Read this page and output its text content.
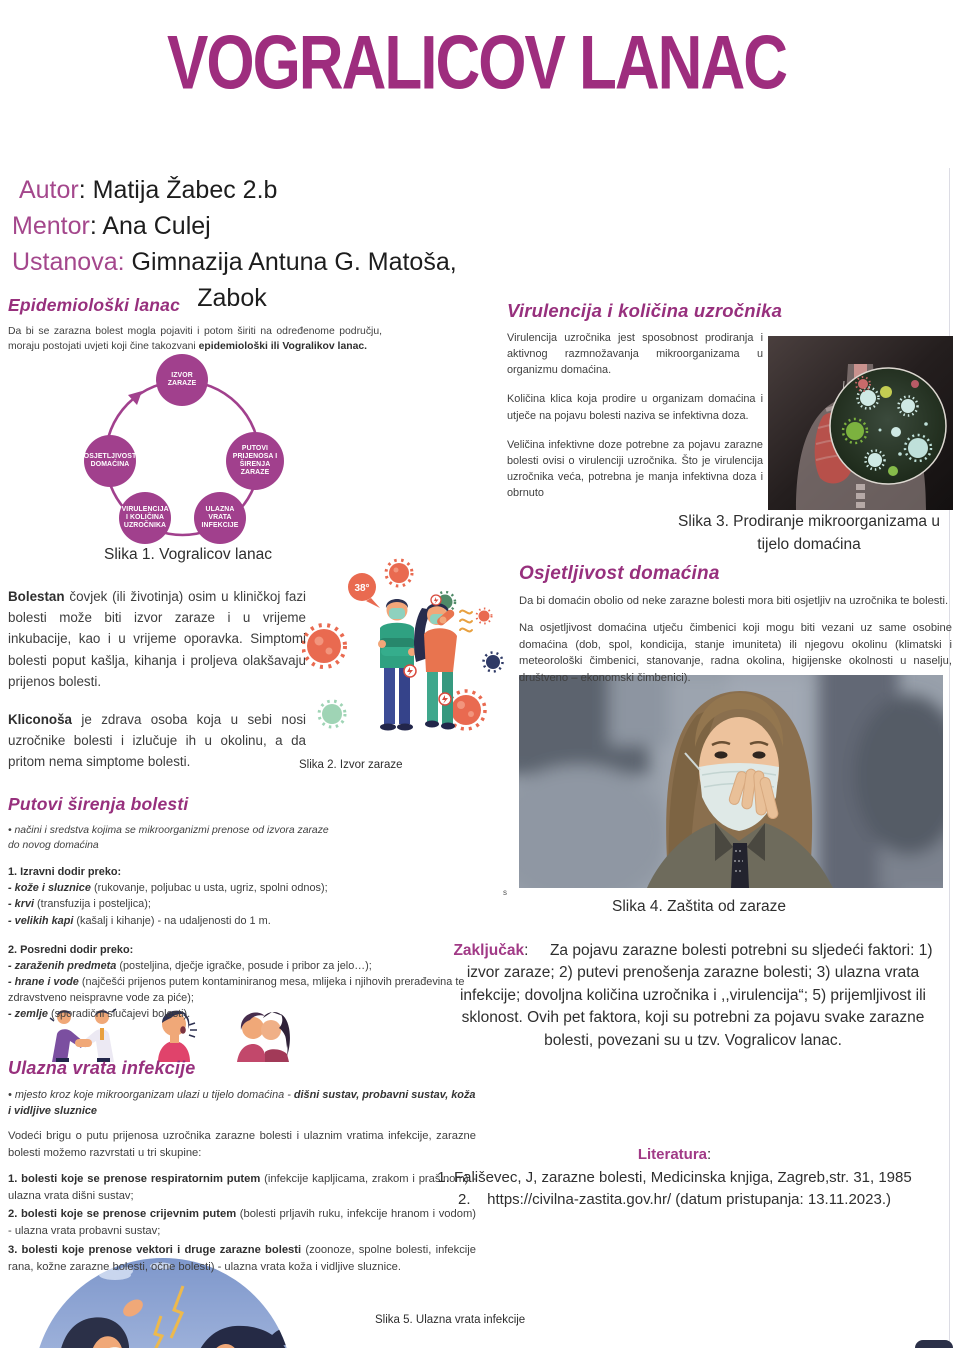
VOGRALICOV LANAC
Autor: Matija Žabec 2.b
Mentor: Ana Culej
Ustanova: Gimnazija Antuna G. Matoša,
Zabok
Epidemiološki lanac

Da bi se zarazna bolest mogla pojaviti i potom širiti na određenome području, moraju postojati uvjeti koji čine takozvani epidemiološki ili Vogralikov lanac.

IZVOR ZARAZE
PUTOVI PRIJENOSA I ŠIRENJA ZARAZE
ULAZNA VRATA INFEKCIJE
VIRULENCIJA I KOLIČINA UZROČNIKA
OSJETLJIVOST DOMAĆINA
Slika 1. Vogralicov lanac

Bolestan čovjek (ili životinja) osim u kliničkoj fazi bolesti može biti izvor zaraze i u vrijeme inkubacije, kao i u vrijeme oporavka. Simptomi bolesti poput kašlja, kihanja i proljeva olakšavaju prijenos bolesti.

Kliconoša je zdrava osoba koja u sebi nosi uzročnike bolesti i izlučuje ih u okolinu, a da pritom nema simptome bolesti.

38°
Slika 2. Izvor zaraze
Putovi širenja bolesti

• načini i sredstva kojima se mikroorganizmi prenose od izvora zaraze do novog domaćina

1. Izravni dodir preko:

- kože i sluznice (rukovanje, poljubac u usta, ugriz, spolni odnos);

- krvi (transfuzija i posteljica);

- velikih kapi (kašalj i kihanje) - na udaljenosti do 1 m.

2. Posredni dodir preko:

- zaraženih predmeta (posteljina, dječje igračke, posude i pribor za jelo…);

- hrane i vode (najčešći prijenos putem kontaminiranog mesa, mlijeka i njihovih prerađevina te zdravstveno neispravne vode za piće);

- zemlje (sporadični slučajevi bolesti).

Ulazna vrata infekcije

• mjesto kroz koje mikroorganizam ulazi u tijelo domaćina - dišni sustav, probavni sustav, koža i vidljive sluznice

Vodeći brigu o putu prijenosa uzročnika zarazne bolesti i ulaznim vratima infekcije, zarazne bolesti možemo razvrstati u tri skupine:

1. bolesti koje se prenose respiratornim putem (infekcije kapljicama, zrakom i prašinom) - ulazna vrata dišni sustav;

2. bolesti koje se prenose crijevnim putem (bolesti prljavih ruku, infekcije hranom i vodom) - ulazna vrata probavni sustav;

3. bolesti koje prenose vektori i druge zarazne bolesti (zoonoze, spolne bolesti, infekcije rana, kožne zarazne bolesti, očne bolesti) - ulazna vrata koža i vidljive sluznice.

Slika 5. Ulazna vrata infekcije
Virulencija i količina uzročnika

Virulencija uzročnika jest sposobnost prodiranja i aktivnog razmnožavanja mikroorganizama u organizmu domaćina.

Količina klica koja prodire u organizam domaćina i utječe na pojavu bolesti naziva se infektivna doza.

Veličina infektivne doze potrebne za pojavu zarazne bolesti ovisi o virulenciji uzročnika. Što je virulencija uzročnika veća, potrebna je manja infektivna doza i obrnuto

Slika 3. Prodiranje mikroorganizama u tijelo domaćina
Osjetljivost domaćina

Da bi domaćin obolio od neke zarazne bolesti mora biti osjetljiv na uzročnika te bolesti.

Na osjetljivost domaćina utječu čimbenici koji mogu biti vezani uz same osobine domaćina (dob, spol, kondicija, stanje imuniteta) ili njegovu okolinu (klimatski i meteorološki čimbenici, stanovanje, radna okolina, higijenske okolnosti u naselju, društveno – ekonomski čimbenici).

s
Slika 4. Zaštita od zaraze
Zaključak:     Za pojavu zarazne bolesti potrebni su sljedeći faktori: 1) izvor zaraze; 2) putevi prenošenja zarazne bolesti; 3) ulazna vrata infekcije; dovoljna količina uzročnika i ,,virulencija“; 5) prijemljivost ili sklonost. Ovih pet faktora, koji su potrebni za pojavu svake zarazne bolesti, povezani su u tzv. Vogralicov lanac.
Literatura:
1. Fališevec, J, zarazne bolesti, Medicinska knjiga, Zagreb,str. 31, 1985
2.    https://civilna-zastita.gov.hr/ (datum pristupanja: 13.11.2023.)
